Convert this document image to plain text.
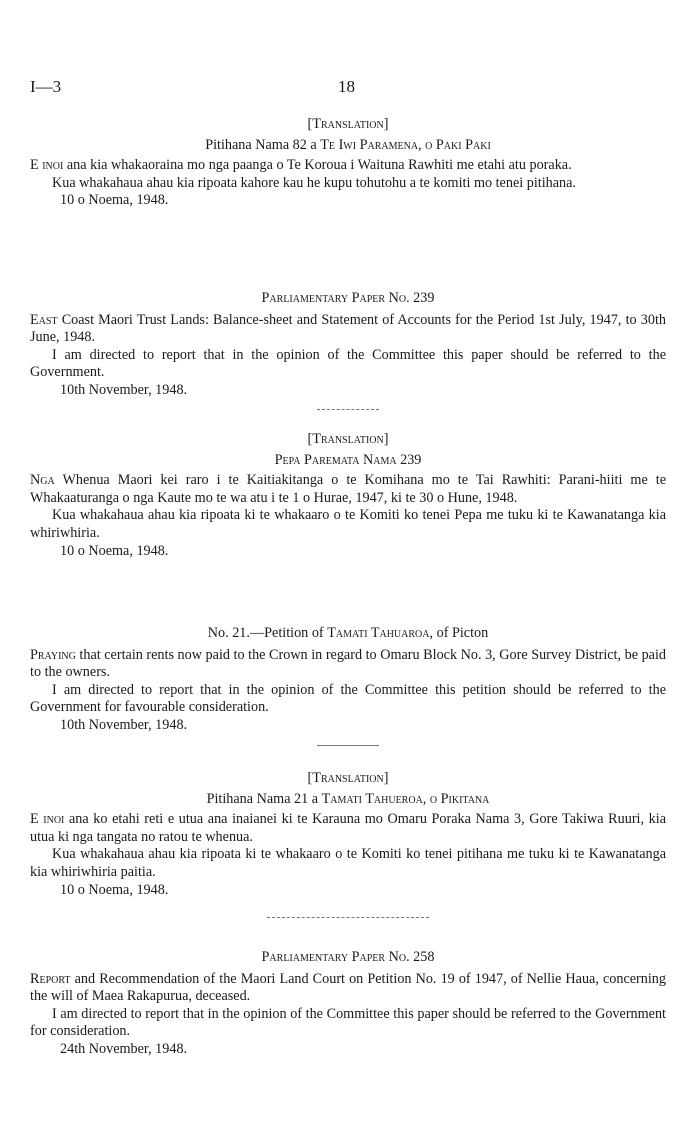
I—3	18
[Translation]
Pitihana Nama 82 a Te Iwi Paramena, o Paki Paki

E inoi ana kia whakaoraina mo nga paanga o Te Koroua i Waituna Rawhiti me etahi atu poraka.

Kua whakahaua ahau kia ripoata kahore kau he kupu tohutohu a te komiti mo tenei pitihana.

10 o Noema, 1948.
Parliamentary Paper No. 239

East Coast Maori Trust Lands: Balance-sheet and Statement of Accounts for the Period 1st July, 1947, to 30th June, 1948.

I am directed to report that in the opinion of the Committee this paper should be referred to the Government.

10th November, 1948.
[Translation]
Pepa Paremata Nama 239

Nga Whenua Maori kei raro i te Kaitiakitanga o te Komihana mo te Tai Rawhiti: Parani-hiiti me te Whakaaturanga o nga Kaute mo te wa atu i te 1 o Hurae, 1947, ki te 30 o Hune, 1948.

Kua whakahaua ahau kia ripoata ki te whakaaro o te Komiti ko tenei Pepa me tuku ki te Kawanatanga kia whiriwhiria.

10 o Noema, 1948.
No. 21.—Petition of Tamati Tahuaroa, of Picton

Praying that certain rents now paid to the Crown in regard to Omaru Block No. 3, Gore Survey District, be paid to the owners.

I am directed to report that in the opinion of the Committee this petition should be referred to the Government for favourable consideration.

10th November, 1948.
[Translation]
Pitihana Nama 21 a Tamati Tahueroa, o Pikitana

E inoi ana ko etahi reti e utua ana inaianei ki te Karauna mo Omaru Poraka Nama 3, Gore Takiwa Ruuri, kia utua ki nga tangata no ratou te whenua.

Kua whakahaua ahau kia ripoata ki te whakaaro o te Komiti ko tenei pitihana me tuku ki te Kawanatanga kia whiriwhiria paitia.

10 o Noema, 1948.
Parliamentary Paper No. 258

Report and Recommendation of the Maori Land Court on Petition No. 19 of 1947, of Nellie Haua, concerning the will of Maea Rakapurua, deceased.

I am directed to report that in the opinion of the Committee this paper should be referred to the Government for consideration.

24th November, 1948.
